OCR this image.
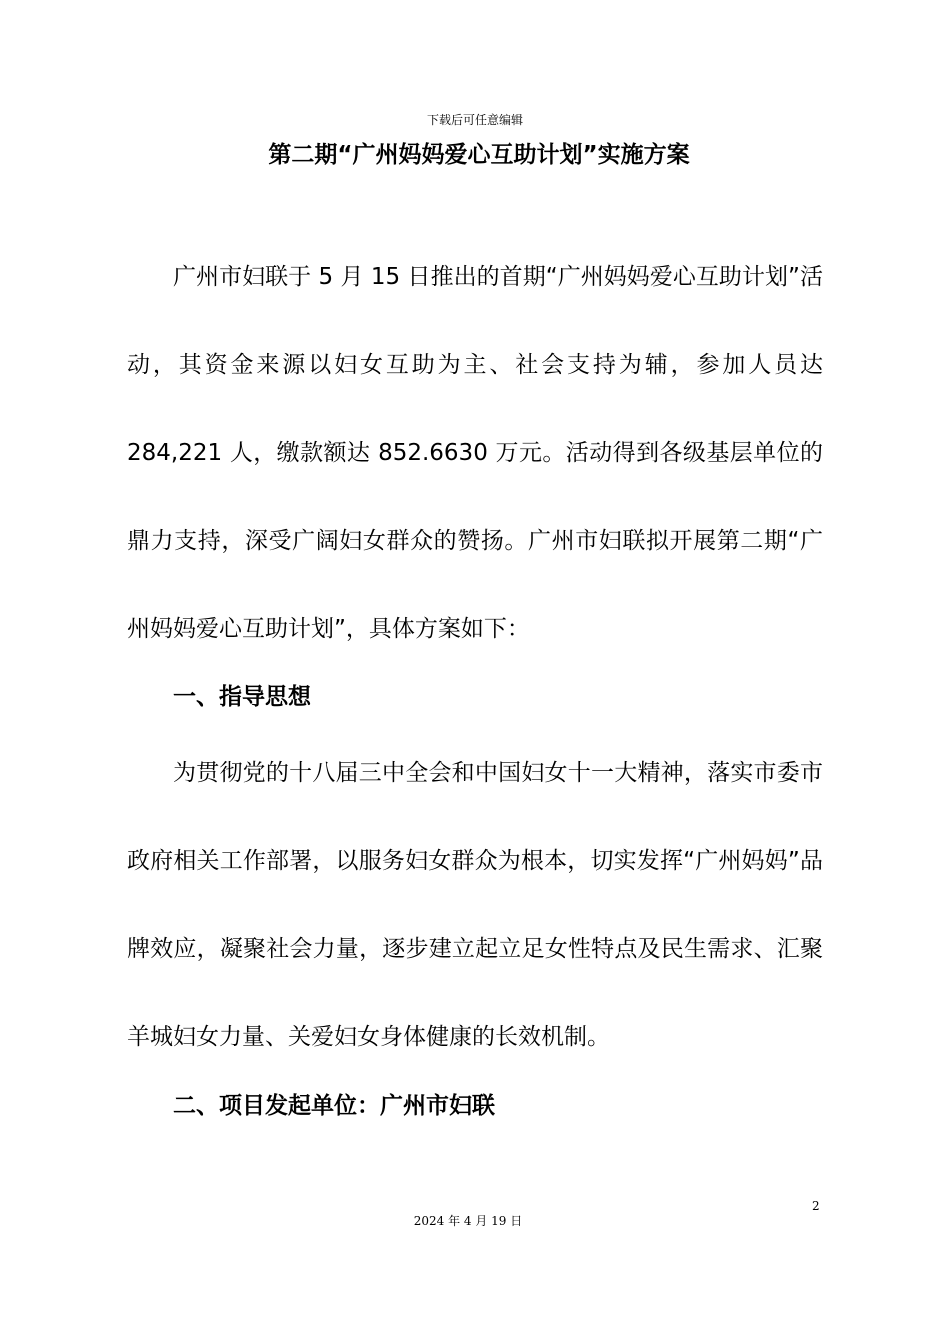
下载后可任意编辑
第二期“广州妈妈爱心互助计划”实施方案

广州市妇联于 5 月 15 日推出的首期“广州妈妈爱心互助计划”活动，其资金来源以妇女互助为主、社会支持为辅，参加人员达 284,221 人，缴款额达 852.6630 万元。活动得到各级基层单位的鼎力支持，深受广阔妇女群众的赞扬。广州市妇联拟开展第二期“广州妈妈爱心互助计划”，具体方案如下：

一、指导思想

为贯彻党的十八届三中全会和中国妇女十一大精神，落实市委市政府相关工作部署，以服务妇女群众为根本，切实发挥“广州妈妈”品牌效应，凝聚社会力量，逐步建立起立足女性特点及民生需求、汇聚羊城妇女力量、关爱妇女身体健康的长效机制。

二、项目发起单位：广州市妇联
2
2024 年 4 月 19 日
